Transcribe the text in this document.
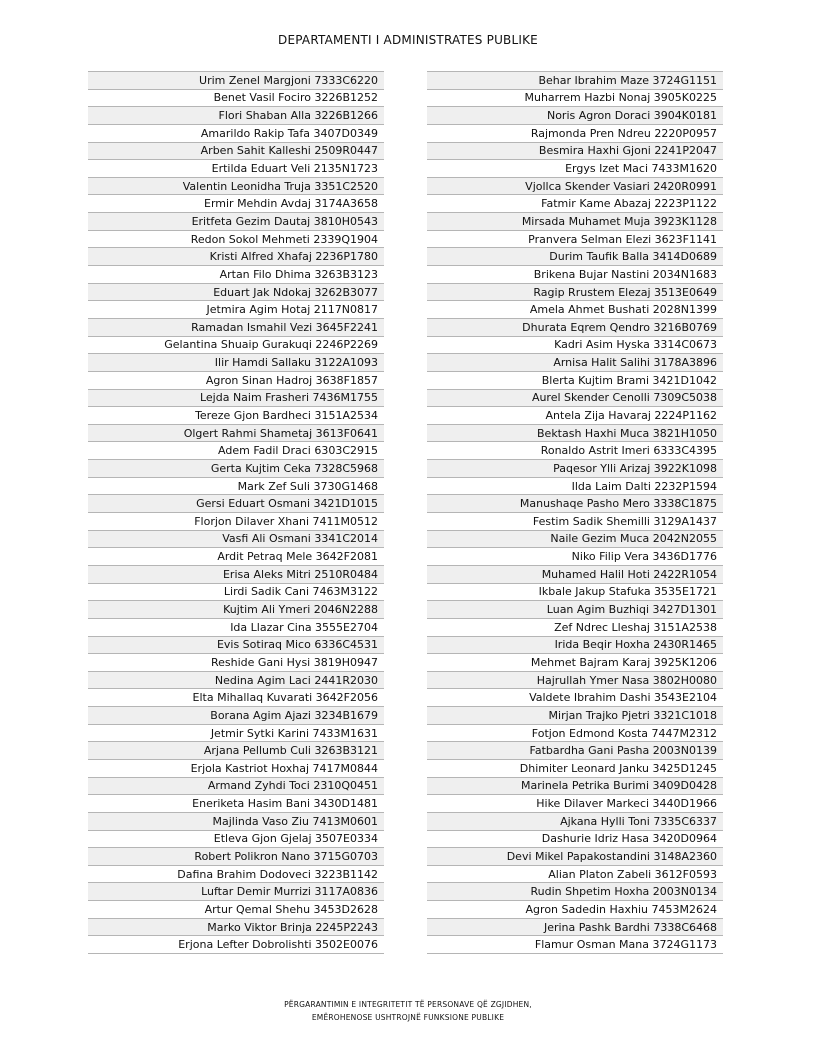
DEPARTAMENTI I ADMINISTRATES PUBLIKE
Urim Zenel Margjoni 7333C6220
Benet Vasil Fociro 3226B1252
Flori Shaban Alla 3226B1266
Amarildo Rakip Tafa 3407D0349
Arben Sahit Kalleshi 2509R0447
Ertilda Eduart Veli 2135N1723
Valentin Leonidha Truja 3351C2520
Ermir Mehdin Avdaj 3174A3658
Eritfeta Gezim Dautaj 3810H0543
Redon Sokol Mehmeti 2339Q1904
Kristi Alfred Xhafaj 2236P1780
Artan Filo Dhima 3263B3123
Eduart Jak Ndokaj 3262B3077
Jetmira Agim Hotaj 2117N0817
Ramadan Ismahil Vezi 3645F2241
Gelantina Shuaip Gurakuqi 2246P2269
Ilir Hamdi Sallaku 3122A1093
Agron Sinan Hadroj 3638F1857
Lejda Naim Frasheri 7436M1755
Tereze Gjon Bardheci 3151A2534
Olgert Rahmi Shametaj 3613F0641
Adem Fadil Draci 6303C2915
Gerta Kujtim Ceka 7328C5968
Mark Zef Suli 3730G1468
Gersi Eduart Osmani 3421D1015
Florjon Dilaver Xhani 7411M0512
Vasfi Ali Osmani 3341C2014
Ardit Petraq Mele 3642F2081
Erisa Aleks Mitri 2510R0484
Lirdi Sadik Cani 7463M3122
Kujtim Ali Ymeri 2046N2288
Ida Llazar Cina 3555E2704
Evis Sotiraq Mico 6336C4531
Reshide Gani Hysi 3819H0947
Nedina Agim Laci 2441R2030
Elta Mihallaq Kuvarati 3642F2056
Borana Agim Ajazi 3234B1679
Jetmir Sytki Karini 7433M1631
Arjana Pellumb Culi 3263B3121
Erjola Kastriot Hoxhaj 7417M0844
Armand Zyhdi Toci 2310Q0451
Eneriketa Hasim Bani 3430D1481
Majlinda Vaso Ziu 7413M0601
Etleva Gjon Gjelaj 3507E0334
Robert Polikron Nano 3715G0703
Dafina Brahim Dodoveci 3223B1142
Luftar Demir Murrizi 3117A0836
Artur Qemal Shehu 3453D2628
Marko Viktor Brinja 2245P2243
Erjona Lefter Dobrolishti 3502E0076
Behar Ibrahim Maze 3724G1151
Muharrem Hazbi Nonaj 3905K0225
Noris Agron Doraci 3904K0181
Rajmonda Pren Ndreu 2220P0957
Besmira Haxhi Gjoni 2241P2047
Ergys Izet Maci 7433M1620
Vjollca Skender Vasiari 2420R0991
Fatmir Kame Abazaj 2223P1122
Mirsada Muhamet Muja 3923K1128
Pranvera Selman Elezi 3623F1141
Durim Taufik Balla 3414D0689
Brikena Bujar Nastini 2034N1683
Ragip Rrustem Elezaj 3513E0649
Amela Ahmet Bushati 2028N1399
Dhurata Eqrem Qendro 3216B0769
Kadri Asim Hyska 3314C0673
Arnisa Halit Salihi 3178A3896
Blerta Kujtim Brami 3421D1042
Aurel Skender Cenolli 7309C5038
Antela Zija Havaraj 2224P1162
Bektash Haxhi Muca 3821H1050
Ronaldo Astrit Imeri 6333C4395
Paqesor Ylli Arizaj 3922K1098
Ilda Laim Dalti 2232P1594
Manushaqe Pasho Mero 3338C1875
Festim Sadik Shemilli 3129A1437
Naile Gezim Muca 2042N2055
Niko Filip Vera 3436D1776
Muhamed Halil Hoti 2422R1054
Ikbale Jakup Stafuka 3535E1721
Luan Agim Buzhiqi 3427D1301
Zef Ndrec Lleshaj 3151A2538
Irida Beqir Hoxha 2430R1465
Mehmet Bajram Karaj 3925K1206
Hajrullah Ymer Nasa 3802H0080
Valdete Ibrahim Dashi 3543E2104
Mirjan Trajko Pjetri 3321C1018
Fotjon Edmond Kosta 7447M2312
Fatbardha Gani Pasha 2003N0139
Dhimiter Leonard Janku 3425D1245
Marinela Petrika Burimi 3409D0428
Hike Dilaver Markeci 3440D1966
Ajkana Hylli Toni 7335C6337
Dashurie Idriz Hasa 3420D0964
Devi Mikel Papakostandini 3148A2360
Alian Platon Zabeli 3612F0593
Rudin Shpetim Hoxha 2003N0134
Agron Sadedin Haxhiu 7453M2624
Jerina Pashk Bardhi 7338C6468
Flamur Osman Mana 3724G1173
PËRGARANTIMIN E INTEGRITETIT TË PERSONAVE QË ZGJIDHEN,
EMËROHENOSE USHTROJNË FUNKSIONE PUBLIKE
